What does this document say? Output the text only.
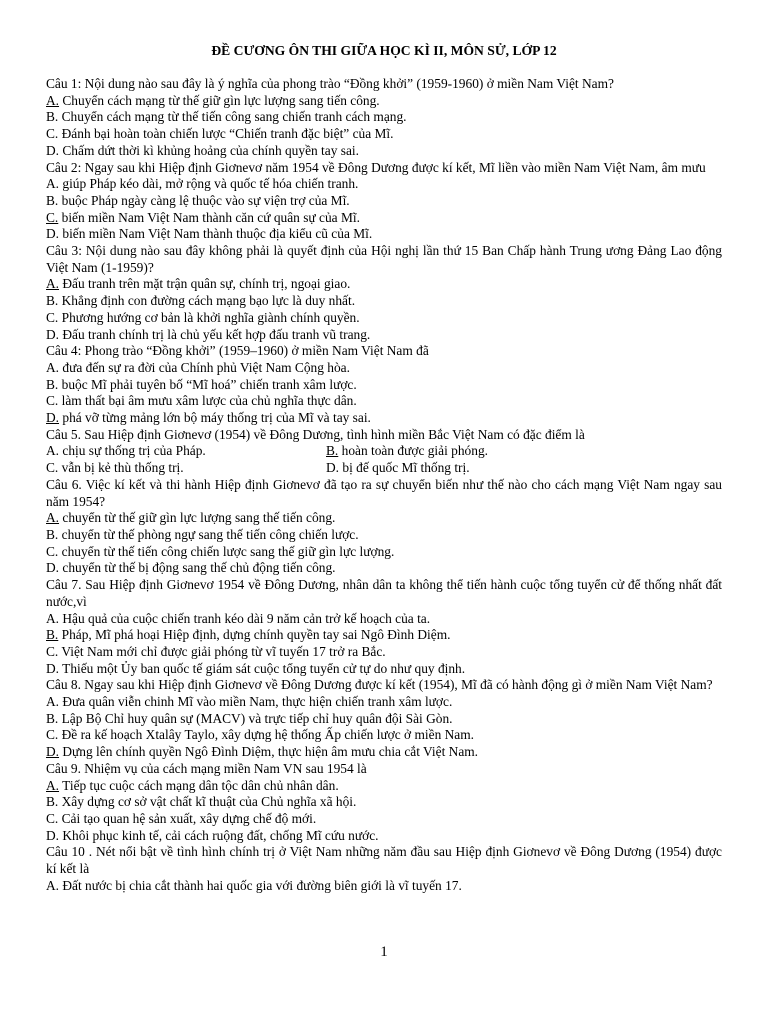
ĐỀ CƯƠNG ÔN THI GIỮA HỌC KÌ II, MÔN SỬ, LỚP 12
Câu 1: Nội dung nào sau đây là ý nghĩa của phong trào “Đồng khởi” (1959-1960) ở miền Nam Việt Nam?
A. Chuyển cách mạng từ thế giữ gìn lực lượng sang tiến công.
B. Chuyển cách mạng từ thế tiến công sang chiến tranh cách mạng.
C. Đánh bại hoàn toàn chiến lược “Chiến tranh đặc biệt” của Mĩ.
D. Chấm dứt thời kì khủng hoảng của chính quyền tay sai.
Câu 2: Ngay sau khi Hiệp định Giơnevơ năm 1954 về Đông Dương được kí kết, Mĩ liền vào miền Nam Việt Nam, âm mưu
A. giúp Pháp kéo dài, mở rộng và quốc tế hóa chiến tranh.
B. buộc Pháp ngày càng lệ thuộc vào sự viện trợ của Mĩ.
C. biến miền Nam Việt Nam thành căn cứ quân sự của Mĩ.
D. biến miền Nam Việt Nam thành thuộc địa kiểu cũ của Mĩ.
Câu 3: Nội dung nào sau đây không phải là quyết định của Hội nghị lần thứ 15 Ban Chấp hành Trung ương Đảng Lao động Việt Nam (1-1959)?
A. Đấu tranh trên mặt trận quân sự, chính trị, ngoại giao.
B. Khẳng định con đường cách mạng bạo lực là duy nhất.
C. Phương hướng cơ bản là khởi nghĩa giành chính quyền.
D. Đấu tranh chính trị là chủ yếu kết hợp đấu tranh vũ trang.
Câu 4: Phong trào “Đồng khởi” (1959–1960) ở miền Nam Việt Nam đã
A. đưa đến sự ra đời của Chính phủ Việt Nam Cộng hòa.
B. buộc Mĩ phải tuyên bố “Mĩ hoá” chiến tranh xâm lược.
C. làm thất bại âm mưu xâm lược của chủ nghĩa thực dân.
D. phá vỡ từng mảng lớn bộ máy thống trị của Mĩ và tay sai.
Câu 5. Sau Hiệp định Giơnevơ (1954) về Đông Dương, tình hình miền Bắc Việt Nam có đặc điểm là
A. chịu sự thống trị của Pháp.	B. hoàn toàn được giải phóng.
C. vẫn bị kẻ thù thống trị.	D. bị đế quốc Mĩ thống trị.
Câu 6. Việc kí kết và thi hành Hiệp định Giơnevơ đã tạo ra sự chuyển biến như thế nào cho cách mạng Việt Nam ngay sau năm 1954?
A. chuyển từ thế giữ gìn lực lượng sang thế tiến công.
B. chuyển từ thế phòng ngự sang thế tiến công chiến lược.
C. chuyển từ thế tiến công chiến lược sang thế giữ gìn lực lượng.
D. chuyển từ thế bị động sang thế chủ động tiến công.
Câu 7. Sau Hiệp định Giơnevơ 1954 về Đông Dương, nhân dân ta không thể tiến hành cuộc tổng tuyển cử để thống nhất đất nước,vì
A. Hậu quả của cuộc chiến tranh kéo dài 9 năm cản trở kế hoạch của ta.
B. Pháp, Mĩ phá hoại Hiệp định, dựng chính quyền tay sai Ngô Đình Diệm.
C. Việt Nam mới chỉ được giải phóng từ vĩ tuyến 17 trở ra Bắc.
D. Thiếu một Ủy ban quốc tế giám sát cuộc tổng tuyển cử tự do như quy định.
Câu 8. Ngay sau khi Hiệp định Giơnevơ về Đông Dương được kí kết (1954), Mĩ đã có hành động gì ở miền Nam Việt Nam?
A. Đưa quân viễn chinh Mĩ vào miền Nam, thực hiện chiến tranh xâm lược.
B. Lập Bộ Chỉ huy quân sự (MACV) và trực tiếp chỉ huy quân đội Sài Gòn.
C. Đề ra kế hoạch Xtalây Taylo, xây dựng hệ thống Ấp chiến lược ở miền Nam.
D. Dựng lên chính quyền Ngô Đình Diệm, thực hiện âm mưu chia cắt Việt Nam.
Câu 9. Nhiệm vụ của cách mạng miền Nam VN sau 1954 là
A. Tiếp tục cuộc cách mạng dân tộc dân chủ nhân dân.
B. Xây dựng cơ sở vật chất kĩ thuật của Chủ nghĩa xã hội.
C. Cải tạo quan hệ sản xuất, xây dựng chế độ mới.
D. Khôi phục kinh tế, cải cách ruộng đất, chống Mĩ cứu nước.
Câu 10 . Nét nổi bật về tình hình chính trị ở Việt Nam những năm đầu sau Hiệp định Giơnevơ về Đông Dương (1954) được kí kết là
A. Đất nước bị chia cắt thành hai quốc gia với đường biên giới là vĩ tuyến 17.
1
